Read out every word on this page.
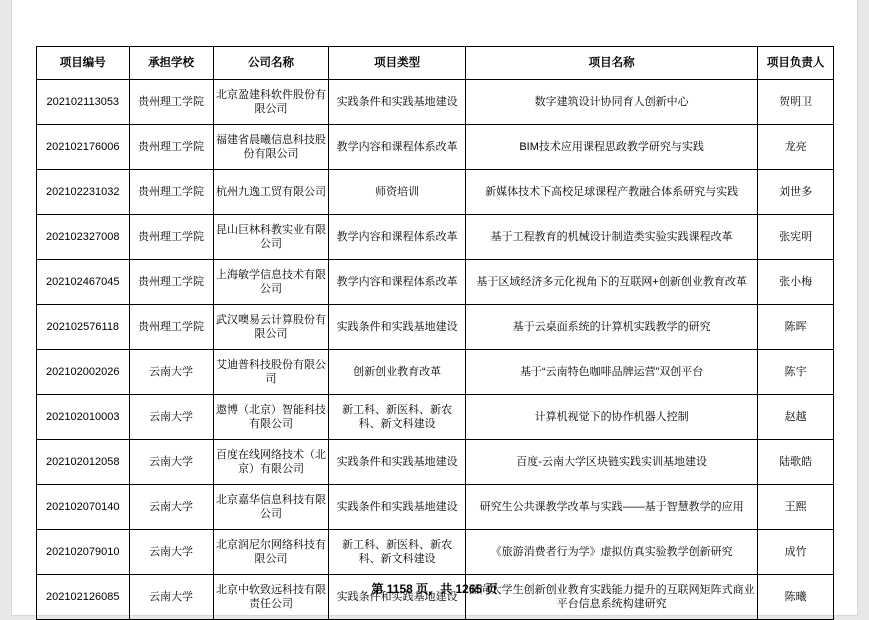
项目编号	承担学校	公司名称	项目类型	项目名称	项目负责人
202102113053	贵州理工学院	北京盈建科软件股份有限公司	实践条件和实践基地建设	数字建筑设计协同育人创新中心	贺明卫
202102176006	贵州理工学院	福建省晨曦信息科技股份有限公司	教学内容和课程体系改革	BIM技术应用课程思政教学研究与实践	龙亮
202102231032	贵州理工学院	杭州九逸工贸有限公司	师资培训	新媒体技术下高校足球课程产教融合体系研究与实践	刘世多
202102327008	贵州理工学院	昆山巨林科教实业有限公司	教学内容和课程体系改革	基于工程教育的机械设计制造类实验实践课程改革	张宪明
202102467045	贵州理工学院	上海敏学信息技术有限公司	教学内容和课程体系改革	基于区域经济多元化视角下的互联网+创新创业教育改革	张小梅
202102576118	贵州理工学院	武汉噢易云计算股份有限公司	实践条件和实践基地建设	基于云桌面系统的计算机实践教学的研究	陈晖
202102002026	云南大学	艾迪普科技股份有限公司	创新创业教育改革	基于“云南特色咖啡品牌运营”双创平台	陈宇
202102010003	云南大学	遨博（北京）智能科技有限公司	新工科、新医科、新农科、新文科建设	计算机视觉下的协作机器人控制	赵越
202102012058	云南大学	百度在线网络技术（北京）有限公司	实践条件和实践基地建设	百度-云南大学区块链实践实训基地建设	陆歌皓
202102070140	云南大学	北京嘉华信息科技有限公司	实践条件和实践基地建设	研究生公共课教学改革与实践——基于智慧教学的应用	王熙
202102079010	云南大学	北京润尼尔网络科技有限公司	新工科、新医科、新农科、新文科建设	《旅游消费者行为学》虚拟仿真实验教学创新研究	成竹
202102126085	云南大学	北京中软致远科技有限责任公司	实践条件和实践基地建设	面向大学生创新创业教育实践能力提升的互联网矩阵式商业平台信息系统构建研究	陈曦
第 1158 页，共 1265 页
